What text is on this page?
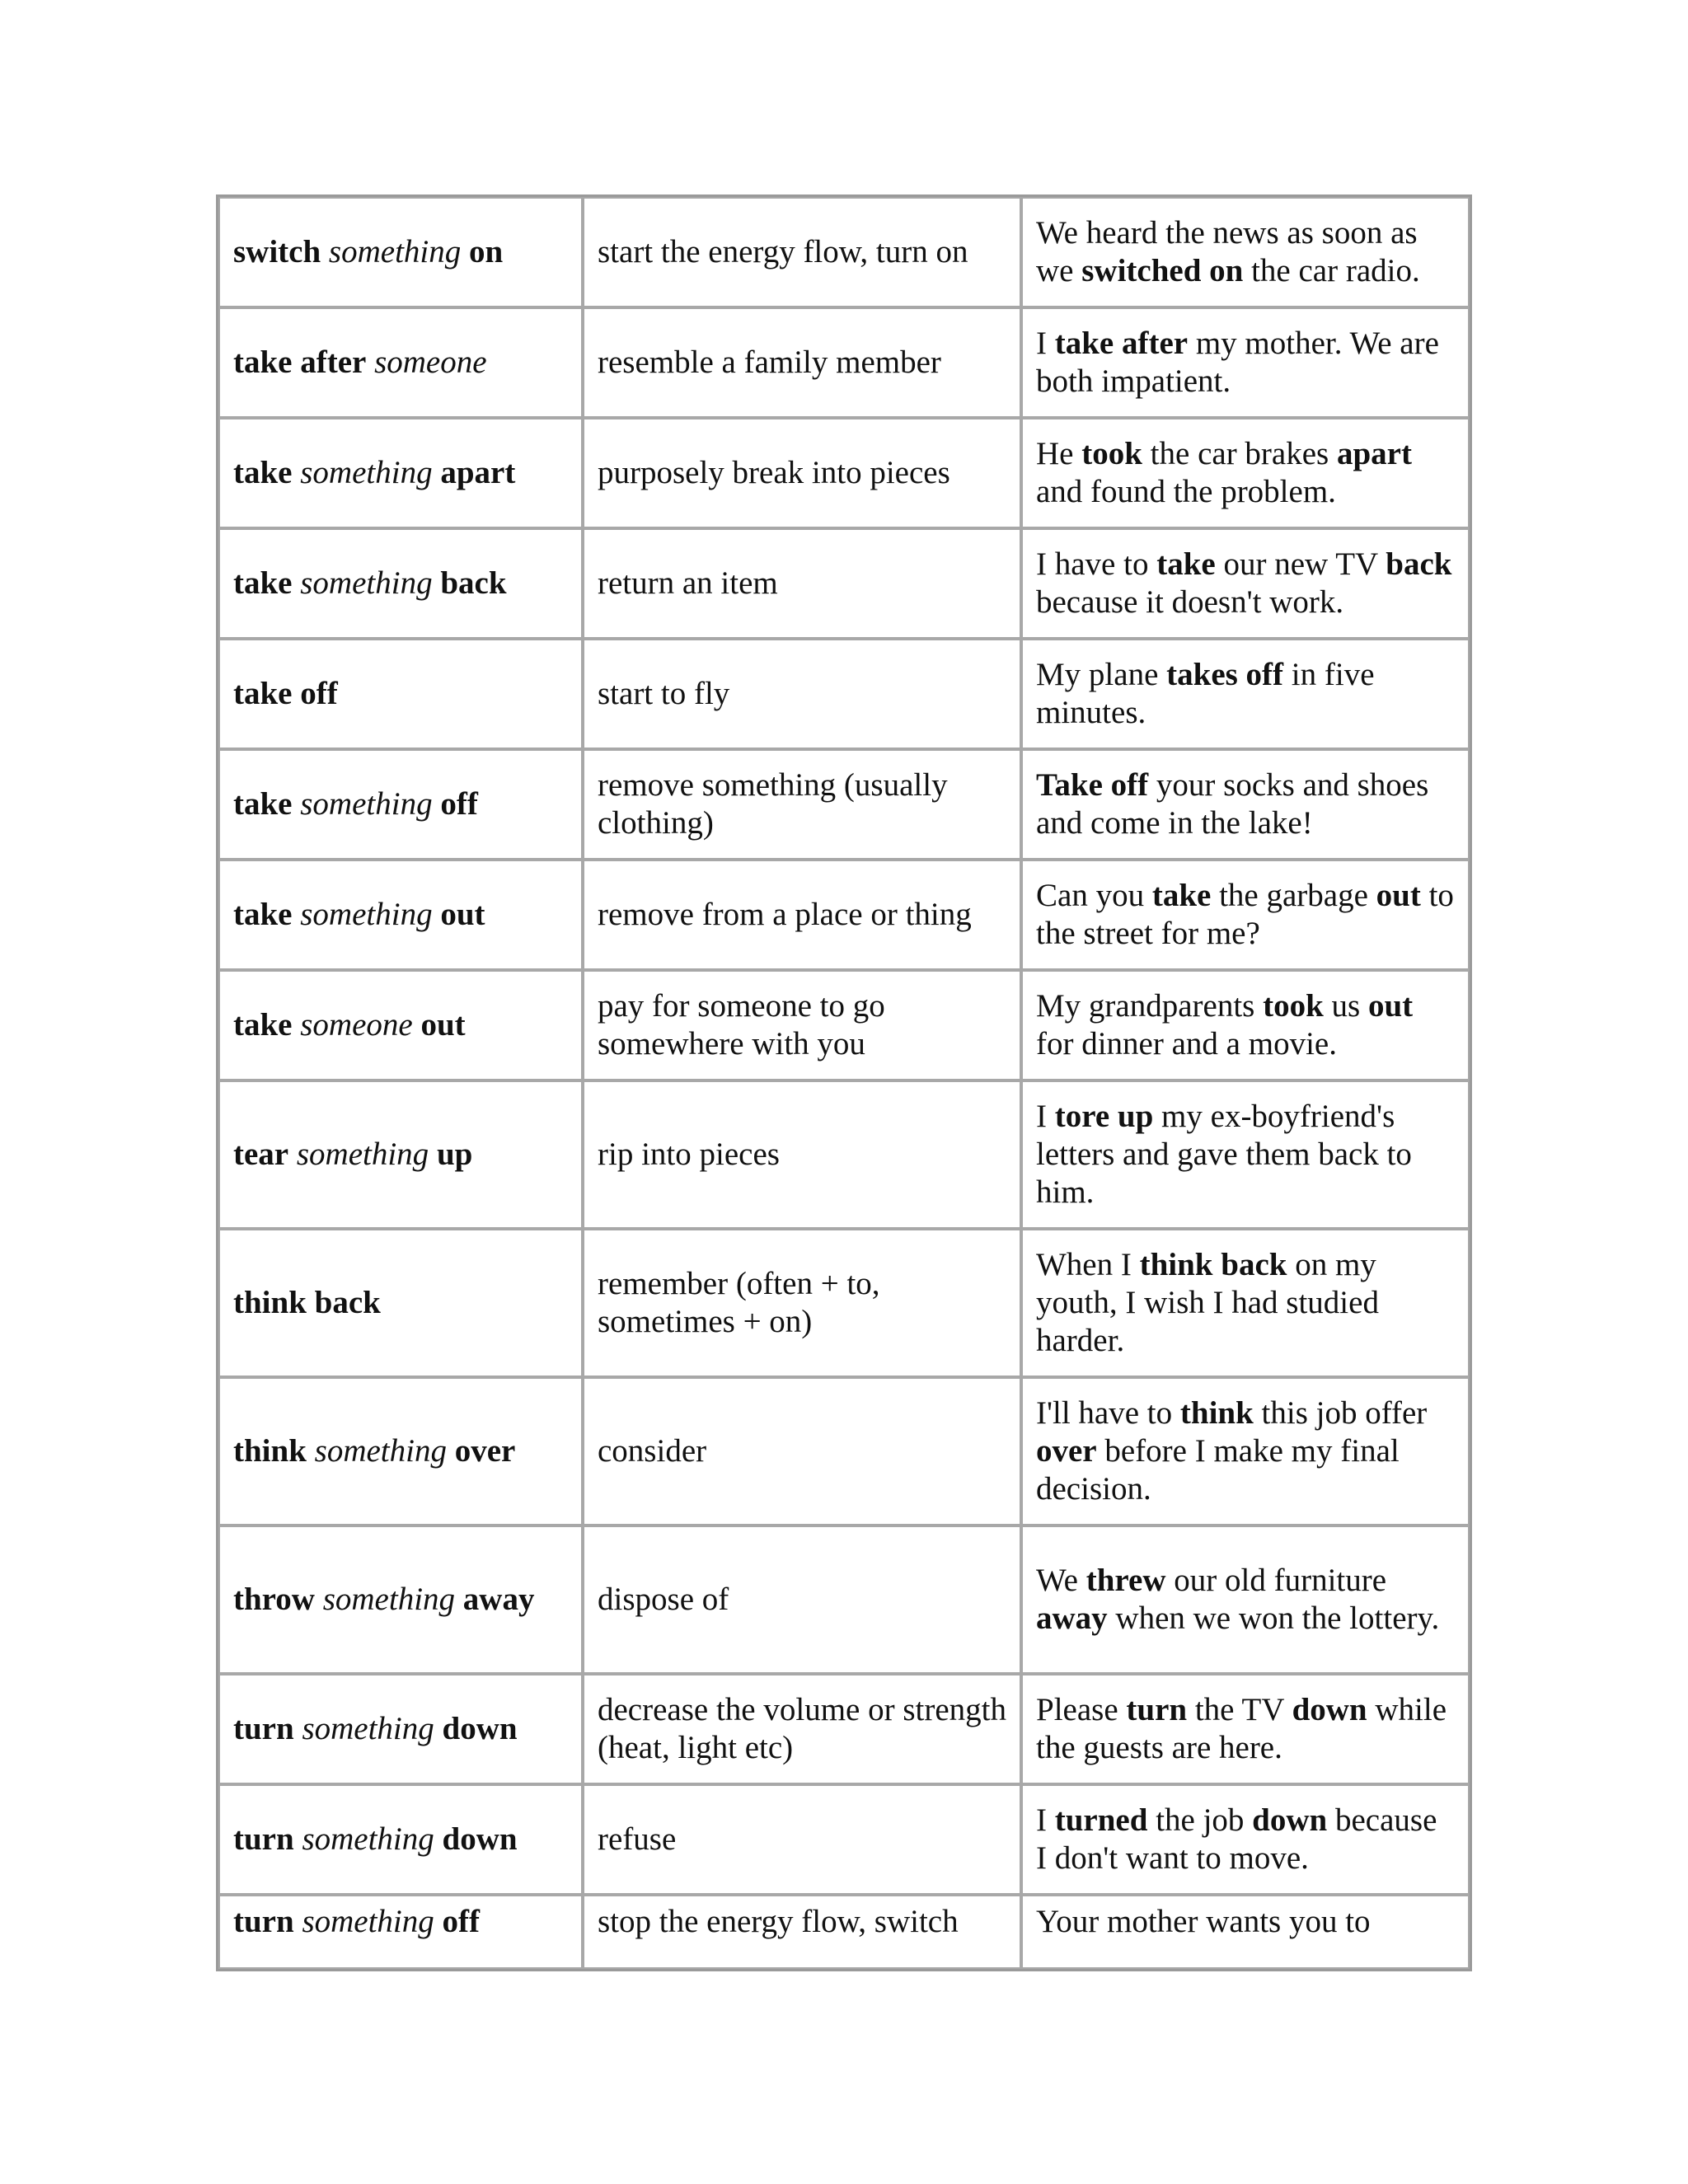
switch something on	start the energy flow, turn on	We heard the news as soon as we switched on the car radio.
take after someone	resemble a family member	I take after my mother. We are both impatient.
take something apart	purposely break into pieces	He took the car brakes apart and found the problem.
take something back	return an item	I have to take our new TV back because it doesn't work.
take off	start to fly	My plane takes off in five minutes.
take something off	remove something (usually clothing)	Take off your socks and shoes and come in the lake!
take something out	remove from a place or thing	Can you take the garbage out to the street for me?
take someone out	pay for someone to go somewhere with you	My grandparents took us out for dinner and a movie.
tear something up	rip into pieces	I tore up my ex-boyfriend's letters and gave them back to him.
think back	remember (often + to, sometimes + on)	When I think back on my youth, I wish I had studied harder.
think something over	consider	I'll have to think this job offer over before I make my final decision.
throw something away	dispose of	We threw our old furniture away when we won the lottery.
turn something down	decrease the volume or strength (heat, light etc)	Please turn the TV down while the guests are here.
turn something down	refuse	I turned the job down because I don't want to move.
turn something off	stop the energy flow, switch	Your mother wants you to
